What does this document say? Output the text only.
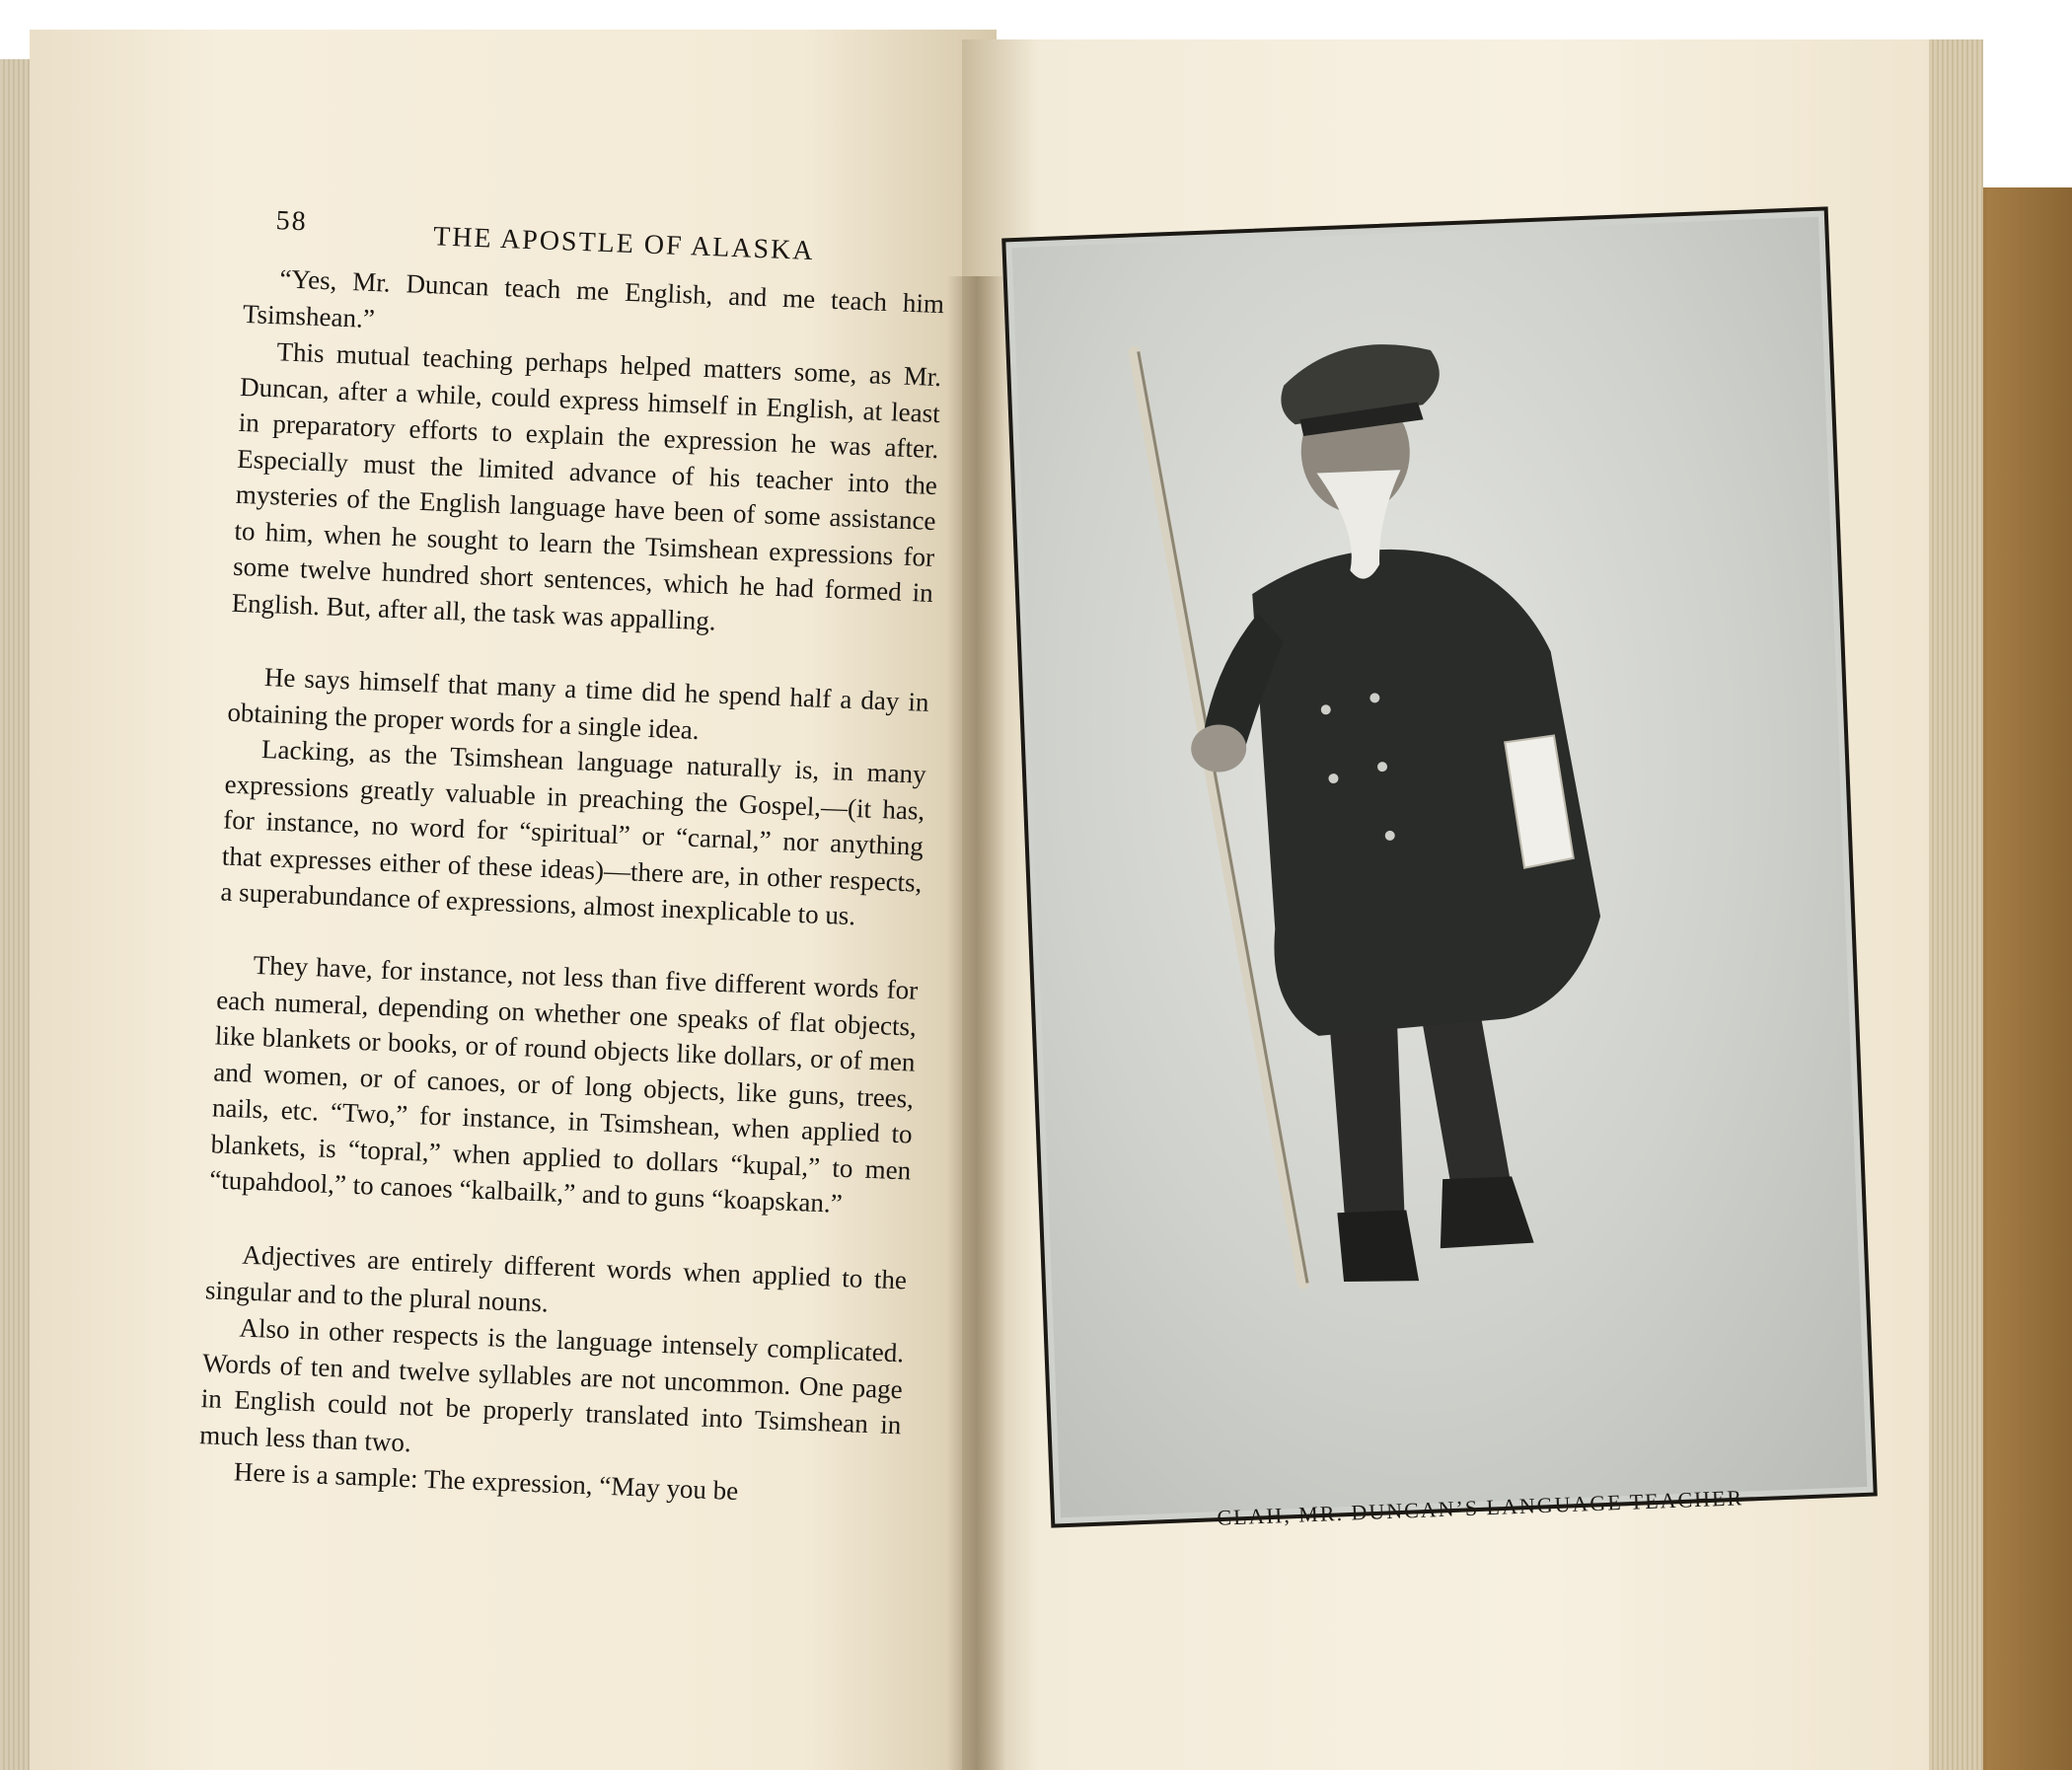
58
THE APOSTLE OF ALASKA
“Yes, Mr. Duncan teach me English, and me teach him Tsimshean.”
This mutual teaching perhaps helped matters some, as Mr. Duncan, after a while, could express himself in English, at least in preparatory efforts to explain the expression he was after. Especially must the limited advance of his teacher into the mysteries of the English language have been of some assistance to him, when he sought to learn the Tsimshean expressions for some twelve hundred short sentences, which he had formed in English. But, after all, the task was appalling.
He says himself that many a time did he spend half a day in obtaining the proper words for a single idea.
Lacking, as the Tsimshean language naturally is, in many expressions greatly valuable in preaching the Gospel,—(it has, for instance, no word for “spiritual” or “carnal,” nor anything that expresses either of these ideas)—there are, in other respects, a superabundance of expressions, almost inexplicable to us.
They have, for instance, not less than five different words for each numeral, depending on whether one speaks of flat objects, like blankets or books, or of round objects like dollars, or of men and women, or of canoes, or of long objects, like guns, trees, nails, etc. “Two,” for instance, in Tsimshean, when applied to blankets, is “topral,” when applied to dollars “kupal,” to men “tupahdool,” to canoes “kalbailk,” and to guns “koapskan.”
Adjectives are entirely different words when applied to the singular and to the plural nouns.
Also in other respects is the language intensely complicated. Words of ten and twelve syllables are not uncommon. One page in English could not be properly translated into Tsimshean in much less than two.
Here is a sample: The expression, “May you be
CLAH, MR. DUNCAN’S LANGUAGE TEACHER
